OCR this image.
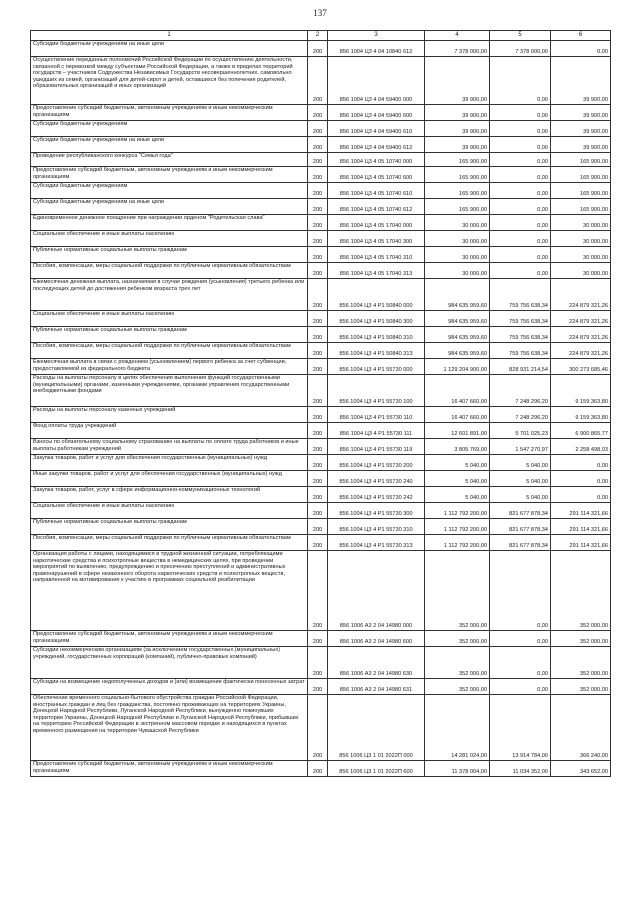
137
1	2	3	4	5	6
Субсидии бюджетным учреждениям на иные цели	200	856 1004 Ц3 4 04 10840 612	7 378 000,00	7 378 000,00	0,00
Осуществление переданных полномочий Российской Федерации по осуществлению деятельности, связанной с перевозкой между субъектами Российской Федерации, а также в пределах территорий государств – участников Содружества Независимых Государств несовершеннолетних, самовольно ушедших из семей, организаций для детей-сирот и детей, оставшихся без попечения родителей, образовательных организаций и иных организаций	200	856 1004 Ц3 4 04 59400 000	39 900,00	0,00	39 900,00
Предоставление субсидий бюджетным, автономным учреждениям и иным некоммерческим организациям	200	856 1004 Ц3 4 04 59400 600	39 900,00	0,00	39 900,00
Субсидии бюджетным учреждениям	200	856 1004 Ц3 4 04 59400 610	39 900,00	0,00	39 900,00
Субсидии бюджетным учреждениям на иные цели	200	856 1004 Ц3 4 04 59400 612	39 900,00	0,00	39 900,00
Проведение республиканского конкурса "Семья года"	200	856 1004 Ц3 4 05 10740 000	165 900,00	0,00	165 900,00
Предоставление субсидий бюджетным, автономным учреждениям и иным некоммерческим организациям	200	856 1004 Ц3 4 05 10740 600	165 900,00	0,00	165 900,00
Субсидии бюджетным учреждениям	200	856 1004 Ц3 4 05 10740 610	165 900,00	0,00	165 900,00
Субсидии бюджетным учреждениям на иные цели	200	856 1004 Ц3 4 05 10740 612	165 900,00	0,00	165 900,00
Единовременное денежное поощрение при награждении орденом "Родительская слава"	200	856 1004 Ц3 4 05 17040 000	30 000,00	0,00	30 000,00
Социальное обеспечение и иные выплаты населению	200	856 1004 Ц3 4 05 17040 300	30 000,00	0,00	30 000,00
Публичные нормативные социальные выплаты гражданам	200	856 1004 Ц3 4 05 17040 310	30 000,00	0,00	30 000,00
Пособия, компенсации, меры социальной поддержки по публичным нормативным обязательствам	200	856 1004 Ц3 4 05 17040 313	30 000,00	0,00	30 000,00
Ежемесячная денежная выплата, назначаемая в случае рождения (усыновления) третьего ребенка или последующих детей до достижения ребенком возраста трех лет	200	856 1004 Ц3 4 Р1 50840 000	984 635 959,60	759 756 638,34	224 879 321,26
Социальное обеспечение и иные выплаты населению	200	856 1004 Ц3 4 Р1 50840 300	984 635 959,60	759 756 638,34	224 879 321,26
Публичные нормативные социальные выплаты гражданам	200	856 1004 Ц3 4 Р1 50840 310	984 635 959,60	759 756 638,34	224 879 321,26
Пособия, компенсации, меры социальной поддержки по публичным нормативным обязательствам	200	856 1004 Ц3 4 Р1 50840 313	984 635 959,60	759 756 638,34	224 879 321,26
Ежемесячная выплата в связи с рождением (усыновлением) первого ребенка за счет субвенции, предоставляемой из федерального бюджета	200	856 1004 Ц3 4 Р1 55730 000	1 129 204 900,00	828 931 214,54	300 273 685,46
Расходы на выплаты персоналу в целях обеспечения выполнения функций государственными (муниципальными) органами, казенными учреждениями, органами управления государственными внебюджетными фондами	200	856 1004 Ц3 4 Р1 55730 100	16 407 660,00	7 248 296,20	9 159 363,80
Расходы на выплаты персоналу казенных учреждений	200	856 1004 Ц3 4 Р1 55730 110	16 407 660,00	7 248 296,20	9 159 363,80
Фонд оплаты труда учреждений	200	856 1004 Ц3 4 Р1 55730 111	12 601 891,00	5 701 025,23	6 900 865,77
Взносы по обязательному социальному страхованию на выплаты по оплате труда работников и иные выплаты работникам учреждений	200	856 1004 Ц3 4 Р1 55730 119	3 805 769,00	1 547 270,97	2 258 498,03
Закупка товаров, работ и услуг для обеспечения государственных (муниципальных) нужд	200	856 1004 Ц3 4 Р1 55730 200	5 040,00	5 040,00	0,00
Иные закупки товаров, работ и услуг для обеспечения государственных (муниципальных) нужд	200	856 1004 Ц3 4 Р1 55730 240	5 040,00	5 040,00	0,00
Закупка товаров, работ, услуг в сфере информационно-коммуникационных технологий	200	856 1004 Ц3 4 Р1 55730 242	5 040,00	5 040,00	0,00
Социальное обеспечение и иные выплаты населению	200	856 1004 Ц3 4 Р1 55730 300	1 112 792 200,00	821 677 878,34	291 114 321,66
Публичные нормативные социальные выплаты гражданам	200	856 1004 Ц3 4 Р1 55730 310	1 112 792 200,00	821 677 878,34	291 114 321,66
Пособия, компенсации, меры социальной поддержки по публичным нормативным обязательствам	200	856 1004 Ц3 4 Р1 55730 313	1 112 792 200,00	821 677 878,34	291 114 321,66
Организация работы с лицами, находящимися в трудной жизненной ситуации, потребляющими наркотические средства и психотропные вещества в немедицинских целях, при проведении мероприятий по выявлению, предупреждению и пресечению преступлений и административных правонарушений в сфере незаконного оборота наркотических средств и психотропных веществ, направленной на мотивирование к участию в программах социальной реабилитации	200	856 1006 А3 2 04 14980 000	352 000,00	0,00	352 000,00
Предоставление субсидий бюджетным, автономным учреждениям и иным некоммерческим организациям	200	856 1006 А3 2 04 14980 600	352 000,00	0,00	352 000,00
Субсидии некоммерческим организациям (за исключением государственных (муниципальных) учреждений, государственных корпораций (компаний), публично-правовых компаний)	200	856 1006 А3 2 04 14980 630	352 000,00	0,00	352 000,00
Субсидии на возмещение недополученных доходов и (или) возмещение фактически понесенных затрат	200	856 1006 А3 2 04 14980 631	352 000,00	0,00	352 000,00
Обеспечение временного социально-бытового обустройства граждан Российской Федерации, иностранных граждан и лиц без гражданства, постоянно проживающих на территориях Украины, Донецкой Народной Республики, Луганской Народной Республики, вынужденно покинувших территории Украины, Донецкой Народной Республики и Луганской Народной Республики, прибывших на территорию Российской Федерации в экстренном массовом порядке и находящихся в пунктах временного размещения на территории Чувашской Республики	200	856 1006 Ц3 1 01 2022П 000	14 281 024,00	13 914 784,00	366 240,00
Предоставление субсидий бюджетным, автономным учреждениям и иным некоммерческим организациям	200	856 1006 Ц3 1 01 2022П 600	11 378 004,00	11 034 352,00	343 652,00
